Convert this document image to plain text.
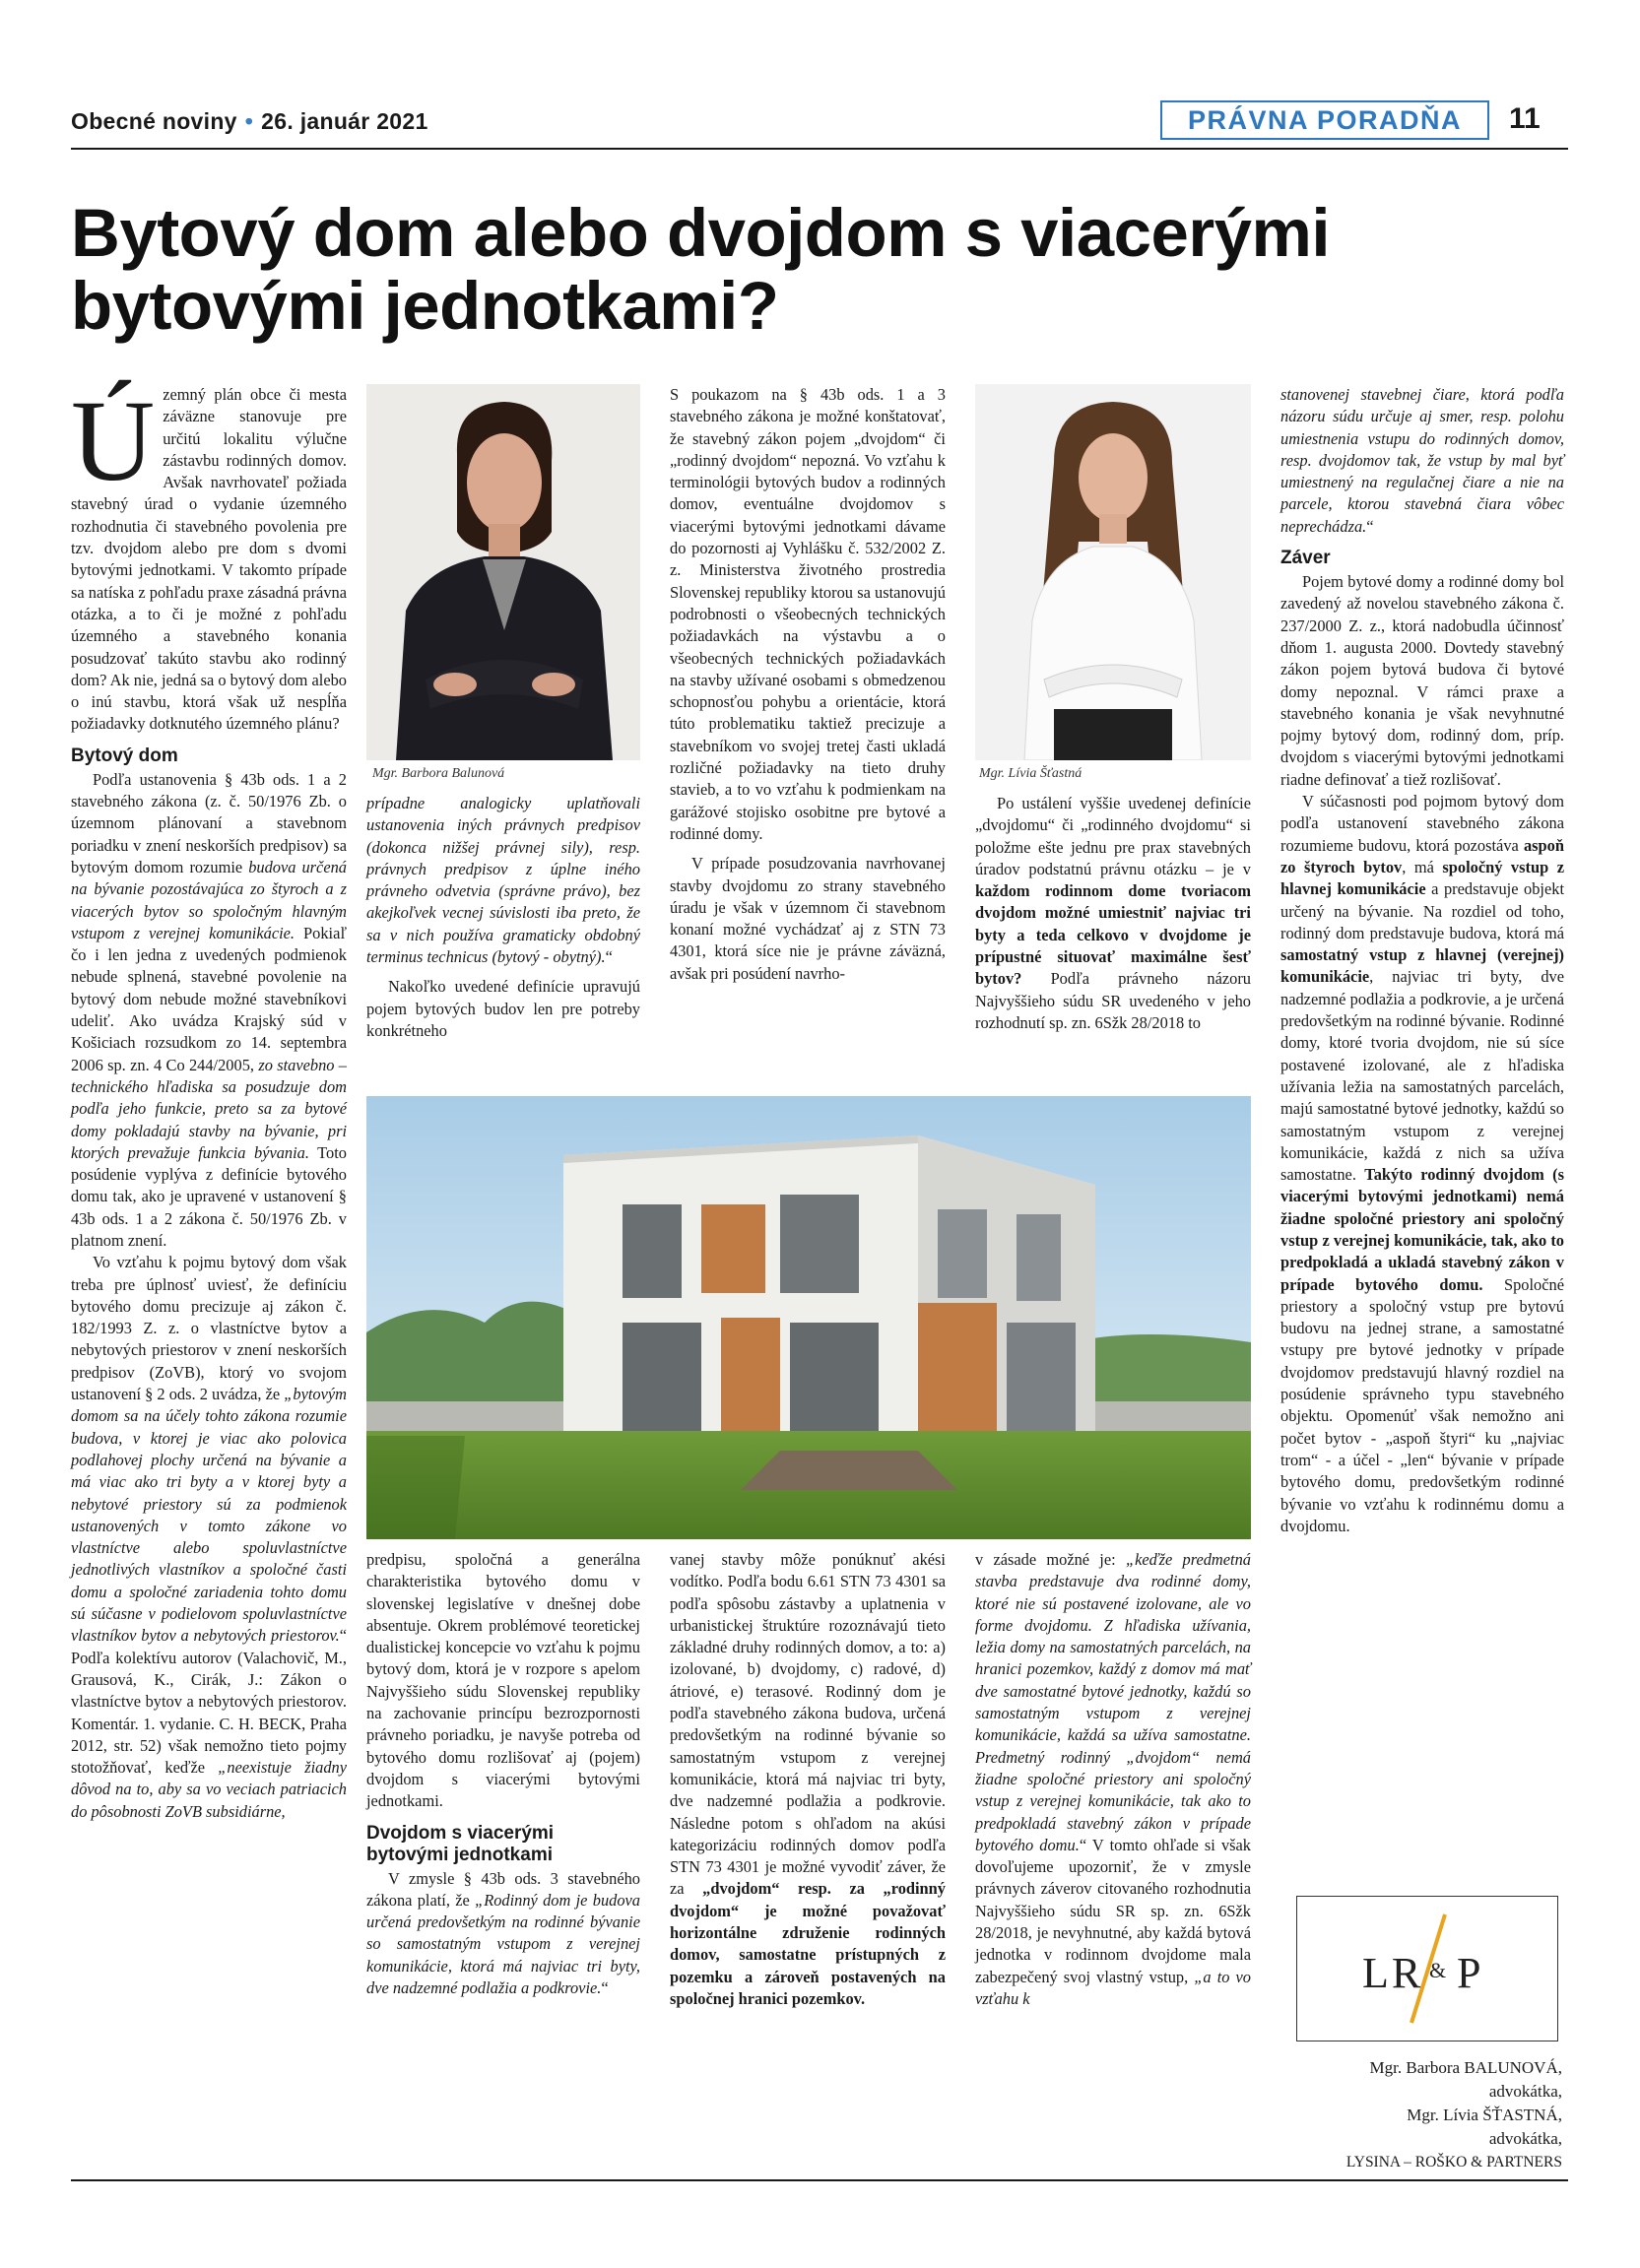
Obecné noviny • 26. január 2021	PRÁVNA PORADŇA 11
Bytový dom alebo dvojdom s viacerými bytovými jednotkami?

Územný plán obce či mesta záväzne stanovuje pre určitú lokalitu výlučne zástavbu rodinných domov. Avšak navrhovateľ požiada stavebný úrad o vydanie územného rozhodnutia či stavebného povolenia pre tzv. dvojdom alebo pre dom s dvomi bytovými jednotkami. V takomto prípade sa natíska z pohľadu praxe zásadná právna otázka, a to či je možné z pohľadu územného a stavebného konania posudzovať takúto stavbu ako rodinný dom? Ak nie, jedná sa o bytový dom alebo o inú stavbu, ktorá však už nespĺňa požiadavky dotknutého územného plánu?

Bytový dom

Podľa ustanovenia § 43b ods. 1 a 2 stavebného zákona (z. č. 50/1976 Zb. o územnom plánovaní a stavebnom poriadku v znení neskorších predpisov) sa bytovým domom rozumie budova určená na bývanie pozostávajúca zo štyroch a z viacerých bytov so spoločným hlavným vstupom z verejnej komunikácie. Pokiaľ čo i len jedna z uvedených podmienok nebude splnená, stavebné povolenie na bytový dom nebude možné stavebníkovi udeliť. Ako uvádza Krajský súd v Košiciach rozsudkom zo 14. septembra 2006 sp. zn. 4 Co 244/2005, zo stavebno – technického hľadiska sa posudzuje dom podľa jeho funkcie, preto sa za bytové domy pokladajú stavby na bývanie, pri ktorých prevažuje funkcia bývania. Toto posúdenie vyplýva z definície bytového domu tak, ako je upravené v ustanovení § 43b ods. 1 a 2 zákona č. 50/1976 Zb. v platnom znení.

Vo vzťahu k pojmu bytový dom však treba pre úplnosť uviesť, že definíciu bytového domu precizuje aj zákon č. 182/1993 Z. z. o vlastníctve bytov a nebytových priestorov v znení neskorších predpisov (ZoVB), ktorý vo svojom ustanovení § 2 ods. 2 uvádza, že „bytovým domom sa na účely tohto zákona rozumie budova, v ktorej je viac ako polovica podlahovej plochy určená na bývanie a má viac ako tri byty a v ktorej byty a nebytové priestory sú za podmienok ustanovených v tomto zákone vo vlastníctve alebo spoluvlastníctve jednotlivých vlastníkov a spoločné časti domu a spoločné zariadenia tohto domu sú súčasne v podielovom spoluvlastníctve vlastníkov bytov a nebytových priestorov.“ Podľa kolektívu autorov (Valachovič, M., Grausová, K., Cirák, J.: Zákon o vlastníctve bytov a nebytových priestorov. Komentár. 1. vydanie. C. H. BECK, Praha 2012, str. 52) však nemožno tieto pojmy stotožňovať, keďže „neexistuje žiadny dôvod na to, aby sa vo veciach patriacich do pôsobnosti ZoVB subsidiárne,

Mgr. Barbora Balunová

prípadne analogicky uplatňovali ustanovenia iných právnych predpisov (dokonca nižšej právnej sily), resp. právnych predpisov z úplne iného právneho odvetvia (správne právo), bez akejkoľvek vecnej súvislosti iba preto, že sa v nich používa gramaticky obdobný terminus technicus (bytový - obytný).“

Nakoľko uvedené definície upravujú pojem bytových budov len pre potreby konkrétneho

predpisu, spoločná a generálna charakteristika bytového domu v slovenskej legislatíve v dnešnej dobe absentuje. Okrem problémové teoretickej dualistickej koncepcie vo vzťahu k pojmu bytový dom, ktorá je v rozpore s apelom Najvyššieho súdu Slovenskej republiky na zachovanie princípu bezrozpornosti právneho poriadku, je navyše potreba od bytového domu rozlišovať aj (pojem) dvojdom s viacerými bytovými jednotkami.

Dvojdom s viacerými bytovými jednotkami

V zmysle § 43b ods. 3 stavebného zákona platí, že „Rodinný dom je budova určená predovšetkým na rodinné bývanie so samostatným vstupom z verejnej komunikácie, ktorá má najviac tri byty, dve nadzemné podlažia a podkrovie.“

S poukazom na § 43b ods. 1 a 3 stavebného zákona je možné konštatovať, že stavebný zákon pojem „dvojdom“ či „rodinný dvojdom“ nepozná. Vo vzťahu k terminológii bytových budov a rodinných domov, eventuálne dvojdomov s viacerými bytovými jednotkami dávame do pozornosti aj Vyhlášku č. 532/2002 Z. z. Ministerstva životného prostredia Slovenskej republiky ktorou sa ustanovujú podrobnosti o všeobecných technických požiadavkách na výstavbu a o všeobecných technických požiadavkách na stavby užívané osobami s obmedzenou schopnosťou pohybu a orientácie, ktorá túto problematiku taktiež precizuje a stavebníkom vo svojej tretej časti ukladá rozličné požiadavky na tieto druhy stavieb, a to vo vzťahu k podmienkam na garážové stojisko osobitne pre bytové a rodinné domy.

V prípade posudzovania navrhovanej stavby dvojdomu zo strany stavebného úradu je však v územnom či stavebnom konaní možné vychádzať aj z STN 73 4301, ktorá síce nie je právne záväzná, avšak pri posúdení navrho-

vanej stavby môže ponúknuť akési vodítko. Podľa bodu 6.61 STN 73 4301 sa podľa spôsobu zástavby a uplatnenia v urbanistickej štruktúre rozoznávajú tieto základné druhy rodinných domov, a to: a) izolované, b) dvojdomy, c) radové, d) átriové, e) terasové. Rodinný dom je podľa stavebného zákona budova, určená predovšetkým na rodinné bývanie so samostatným vstupom z verejnej komunikácie, ktorá má najviac tri byty, dve nadzemné podlažia a podkrovie. Následne potom s ohľadom na akúsi kategorizáciu rodinných domov podľa STN 73 4301 je možné vyvodiť záver, že za „dvojdom“ resp. za „rodinný dvojdom“ je možné považovať horizontálne združenie rodinných domov, samostatne prístupných z pozemku a zároveň postavených na spoločnej hranici pozemkov.

Mgr. Lívia Šťastná

Po ustálení vyššie uvedenej definície „dvojdomu“ či „rodinného dvojdomu“ si položme ešte jednu pre prax stavebných úradov podstatnú právnu otázku – je v každom rodinnom dome tvoriacom dvojdom možné umiestniť najviac tri byty a teda celkovo v dvojdome je prípustné situovať maximálne šesť bytov? Podľa právneho názoru Najvyššieho súdu SR uvedeného v jeho rozhodnutí sp. zn. 6Sžk 28/2018 to

v zásade možné je: „keďže predmetná stavba predstavuje dva rodinné domy, ktoré nie sú postavené izolovane, ale vo forme dvojdomu. Z hľadiska užívania, ležia domy na samostatných parcelách, na hranici pozemkov, každý z domov má mať dve samostatné bytové jednotky, každú so samostatným vstupom z verejnej komunikácie, každá sa užíva samostatne. Predmetný rodinný „dvojdom“ nemá žiadne spoločné priestory ani spoločný vstup z verejnej komunikácie, tak ako to predpokladá stavebný zákon v prípade bytového domu.“ V tomto ohľade si však dovoľujeme upozorniť, že v zmysle právnych záverov citovaného rozhodnutia Najvyššieho súdu SR sp. zn. 6Sžk 28/2018, je nevyhnutné, aby každá bytová jednotka v rodinnom dvojdome mala zabezpečený svoj vlastný vstup, „a to vo vzťahu k

stanovenej stavebnej čiare, ktorá podľa názoru súdu určuje aj smer, resp. polohu umiestnenia vstupu do rodinných domov, resp. dvojdomov tak, že vstup by mal byť umiestnený na regulačnej čiare a nie na parcele, ktorou stavebná čiara vôbec neprechádza.“

Záver

Pojem bytové domy a rodinné domy bol zavedený až novelou stavebného zákona č. 237/2000 Z. z., ktorá nadobudla účinnosť dňom 1. augusta 2000. Dovtedy stavebný zákon pojem bytová budova či bytové domy nepoznal. V rámci praxe a stavebného konania je však nevyhnutné pojmy bytový dom, rodinný dom, príp. dvojdom s viacerými bytovými jednotkami riadne definovať a tiež rozlišovať.

V súčasnosti pod pojmom bytový dom podľa ustanovení stavebného zákona rozumieme budovu, ktorá pozostáva aspoň zo štyroch bytov, má spoločný vstup z hlavnej komunikácie a predstavuje objekt určený na bývanie. Na rozdiel od toho, rodinný dom predstavuje budova, ktorá má samostatný vstup z hlavnej (verejnej) komunikácie, najviac tri byty, dve nadzemné podlažia a podkrovie, a je určená predovšetkým na rodinné bývanie. Rodinné domy, ktoré tvoria dvojdom, nie sú síce postavené izolované, ale z hľadiska užívania ležia na samostatných parcelách, majú samostatné bytové jednotky, každú so samostatným vstupom z verejnej komunikácie, každá z nich sa užíva samostatne. Takýto rodinný dvojdom (s viacerými bytovými jednotkami) nemá žiadne spoločné priestory ani spoločný vstup z verejnej komunikácie, tak, ako to predpokladá a ukladá stavebný zákon v prípade bytového domu. Spoločné priestory a spoločný vstup pre bytovú budovu na jednej strane, a samostatné vstupy pre bytové jednotky v prípade dvojdomov predstavujú hlavný rozdiel na posúdenie správneho typu stavebného objektu. Opomenúť však nemožno ani počet bytov - „aspoň štyri“ ku „najviac trom“ - a účel - „len“ bývanie v prípade bytového domu, predovšetkým rodinné bývanie vo vzťahu k rodinnému domu a dvojdomu.

LR & P
Mgr. Barbora BALUNOVÁ,
advokátka,
Mgr. Lívia ŠŤASTNÁ,
advokátka,
LYSINA – ROŠKO & PARTNERS
